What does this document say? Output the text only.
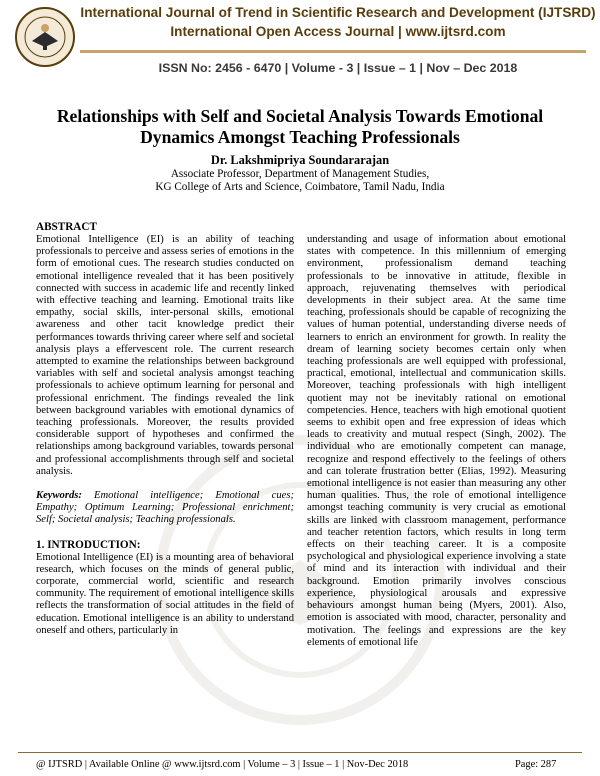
International Journal of Trend in Scientific Research and Development (IJTSRD)
International Open Access Journal | www.ijtsrd.com
ISSN No: 2456 - 6470 | Volume - 3 | Issue – 1 | Nov – Dec 2018
Relationships with Self and Societal Analysis Towards Emotional Dynamics Amongst Teaching Professionals
Dr. Lakshmipriya Soundararajan
Associate Professor, Department of Management Studies,
KG College of Arts and Science, Coimbatore, Tamil Nadu, India
ABSTRACT
Emotional Intelligence (EI) is an ability of teaching professionals to perceive and assess series of emotions in the form of emotional cues. The research studies conducted on emotional intelligence revealed that it has been positively connected with success in academic life and recently linked with effective teaching and learning. Emotional traits like empathy, social skills, inter-personal skills, emotional awareness and other tacit knowledge predict their performances towards thriving career where self and societal analysis plays a effervescent role. The current research attempted to examine the relationships between background variables with self and societal analysis amongst teaching professionals to achieve optimum learning for personal and professional enrichment. The findings revealed the link between background variables with emotional dynamics of teaching professionals. Moreover, the results provided considerable support of hypotheses and confirmed the relationships among background variables, towards personal and professional accomplishments through self and societal analysis.
Keywords: Emotional intelligence; Emotional cues; Empathy; Optimum Learning; Professional enrichment; Self; Societal analysis; Teaching professionals.
1. INTRODUCTION:
Emotional Intelligence (EI) is a mounting area of behavioral research, which focuses on the minds of general public, corporate, commercial world, scientific and research community. The requirement of emotional intelligence skills reflects the transformation of social attitudes in the field of education. Emotional intelligence is an ability to understand oneself and others, particularly in
understanding and usage of information about emotional states with competence. In this millennium of emerging environment, professionalism demand teaching professionals to be innovative in attitude, flexible in approach, rejuvenating themselves with periodical developments in their subject area. At the same time teaching, professionals should be capable of recognizing the values of human potential, understanding diverse needs of learners to enrich an environment for growth. In reality the dream of learning society becomes certain only when teaching professionals are well equipped with professional, practical, emotional, intellectual and communication skills. Moreover, teaching professionals with high intelligent quotient may not be inevitably rational on emotional competencies. Hence, teachers with high emotional quotient seems to exhibit open and free expression of ideas which leads to creativity and mutual respect (Singh, 2002). The individual who are emotionally competent can manage, recognize and respond effectively to the feelings of others and can tolerate frustration better (Elias, 1992). Measuring emotional intelligence is not easier than measuring any other human qualities. Thus, the role of emotional intelligence amongst teaching community is very crucial as emotional skills are linked with classroom management, performance and teacher retention factors, which results in long term effects on their teaching career. It is a composite psychological and physiological experience involving a state of mind and its interaction with individual and their background. Emotion primarily involves conscious experience, physiological arousals and expressive behaviours amongst human being (Myers, 2001). Also, emotion is associated with mood, character, personality and motivation. The feelings and expressions are the key elements of emotional life
@ IJTSRD | Available Online @ www.ijtsrd.com | Volume – 3 | Issue – 1 | Nov-Dec 2018	Page: 287
